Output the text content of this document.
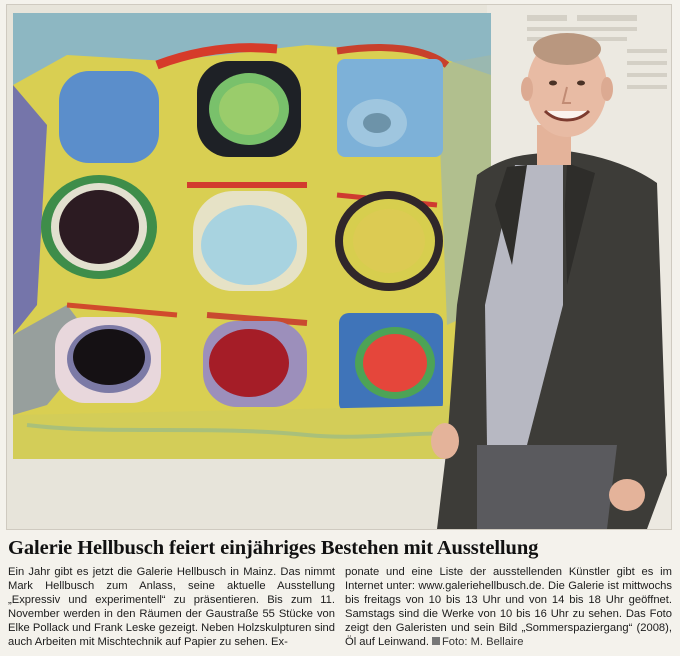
Galerie Hellbusch feiert einjähriges Bestehen mit Ausstellung

Ein Jahr gibt es jetzt die Galerie Hellbusch in Mainz. Das nimmt Mark Hellbusch zum Anlass, seine aktuelle Ausstellung „Expressiv und experimentell“ zu präsentieren. Bis zum 11. November werden in den Räumen der Gaustraße 55 Stücke von Elke Pollack und Frank Leske gezeigt. Neben Holzskulpturen sind auch Arbeiten mit Mischtechnik auf Papier zu sehen. Ex-

ponate und eine Liste der ausstellenden Künstler gibt es im Internet unter: www.galeriehellbusch.de. Die Galerie ist mittwochs bis freitags von 10 bis 13 Uhr und von 14 bis 18 Uhr geöffnet. Samstags sind die Werke von 10 bis 16 Uhr zu sehen. Das Foto zeigt den Galeristen und sein Bild „Sommerspaziergang“ (2008), Öl auf Leinwand. Foto: M. Bellaire
